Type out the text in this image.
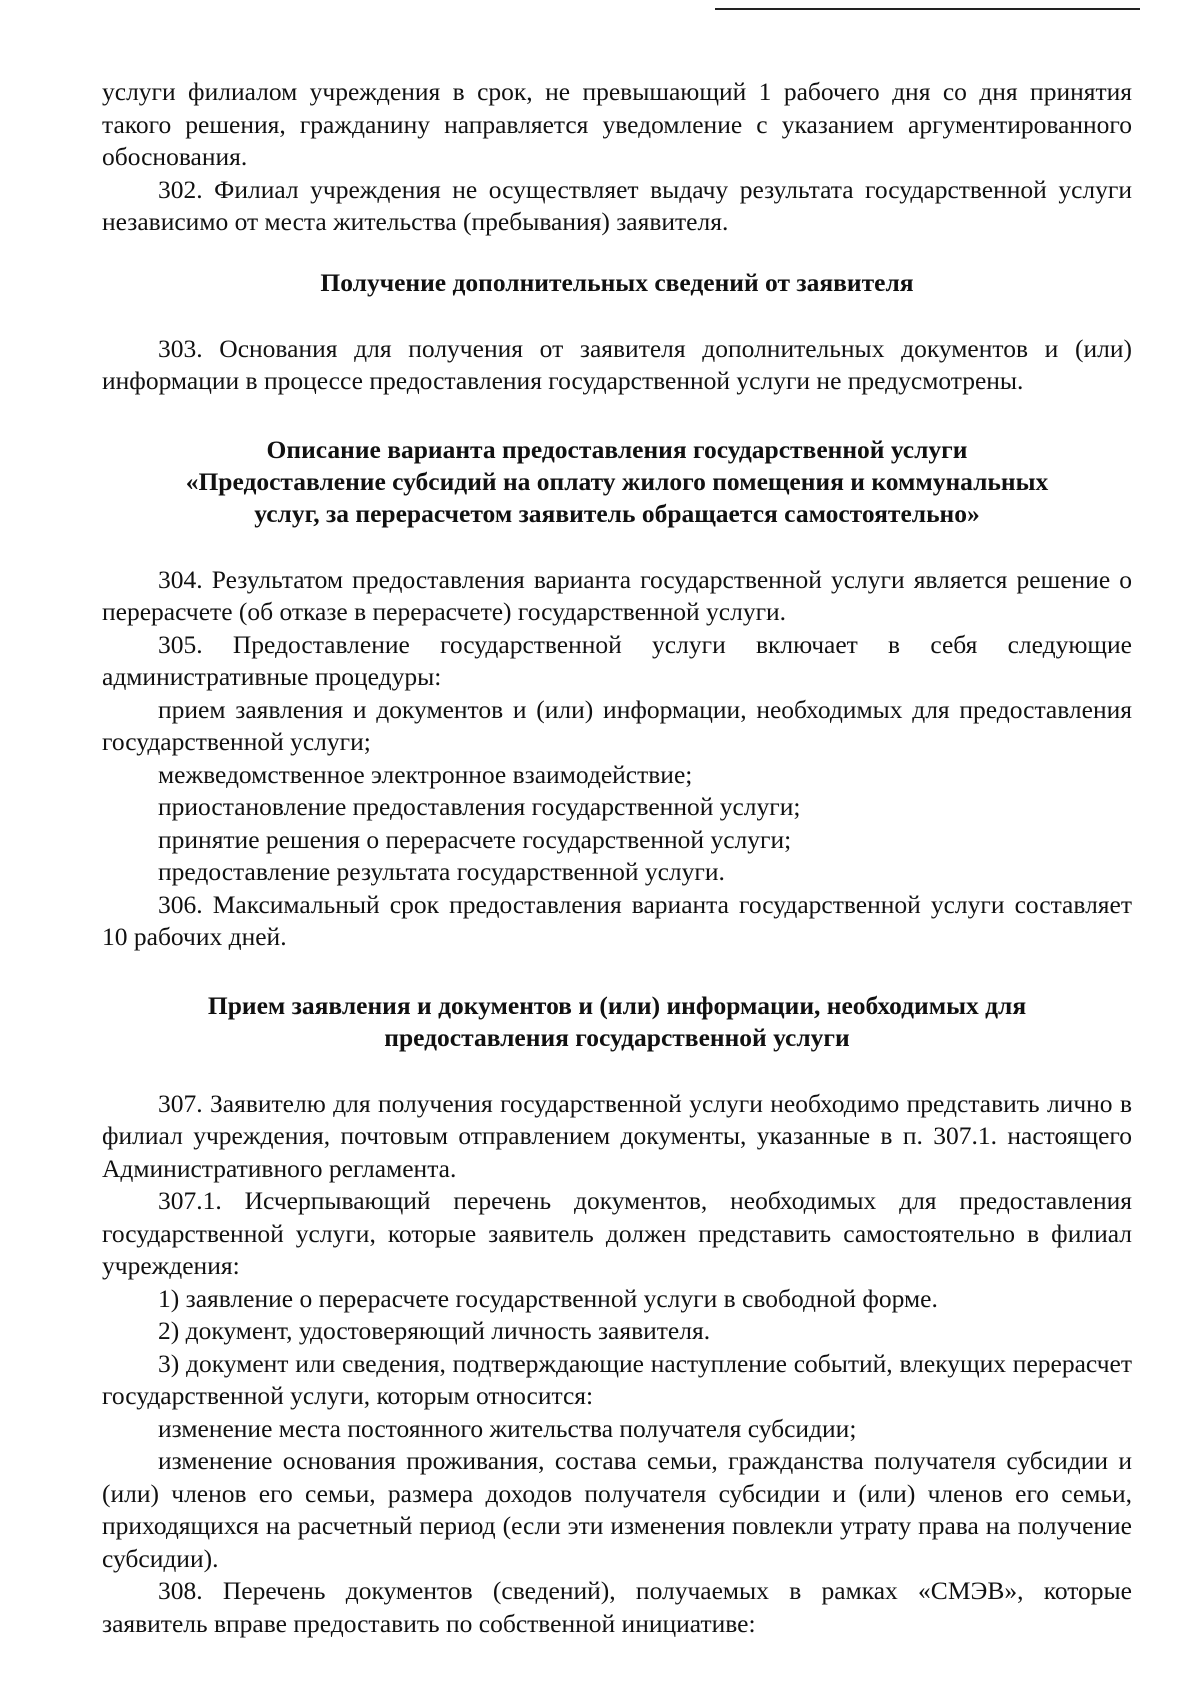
услуги филиалом учреждения в срок, не превышающий 1 рабочего дня со дня принятия такого решения, гражданину направляется уведомление с указанием аргументированного обоснования.

302. Филиал учреждения не осуществляет выдачу результата государственной услуги независимо от места жительства (пребывания) заявителя.

Получение дополнительных сведений от заявителя

303. Основания для получения от заявителя дополнительных документов и (или) информации в процессе предоставления государственной услуги не предусмотрены.

Описание варианта предоставления государственной услуги
«Предоставление субсидий на оплату жилого помещения и коммунальных
услуг, за перерасчетом заявитель обращается самостоятельно»

304. Результатом предоставления варианта государственной услуги является решение о перерасчете (об отказе в перерасчете) государственной услуги.

305. Предоставление государственной услуги включает в себя следующие административные процедуры:

прием заявления и документов и (или) информации, необходимых для предоставления государственной услуги;

межведомственное электронное взаимодействие;

приостановление предоставления государственной услуги;

принятие решения о перерасчете государственной услуги;

предоставление результата государственной услуги.

306. Максимальный срок предоставления варианта государственной услуги составляет 10 рабочих дней.

Прием заявления и документов и (или) информации, необходимых для
предоставления государственной услуги

307. Заявителю для получения государственной услуги необходимо представить лично в филиал учреждения, почтовым отправлением документы, указанные в п. 307.1. настоящего Административного регламента.

307.1. Исчерпывающий перечень документов, необходимых для предоставления государственной услуги, которые заявитель должен представить самостоятельно в филиал учреждения:

1) заявление о перерасчете государственной услуги в свободной форме.

2) документ, удостоверяющий личность заявителя.

3) документ или сведения, подтверждающие наступление событий, влекущих перерасчет государственной услуги, которым относится:

изменение места постоянного жительства получателя субсидии;

изменение основания проживания, состава семьи, гражданства получателя субсидии и (или) членов его семьи, размера доходов получателя субсидии и (или) членов его семьи, приходящихся на расчетный период (если эти изменения повлекли утрату права на получение субсидии).

308. Перечень документов (сведений), получаемых в рамках «СМЭВ», которые заявитель вправе предоставить по собственной инициативе:
